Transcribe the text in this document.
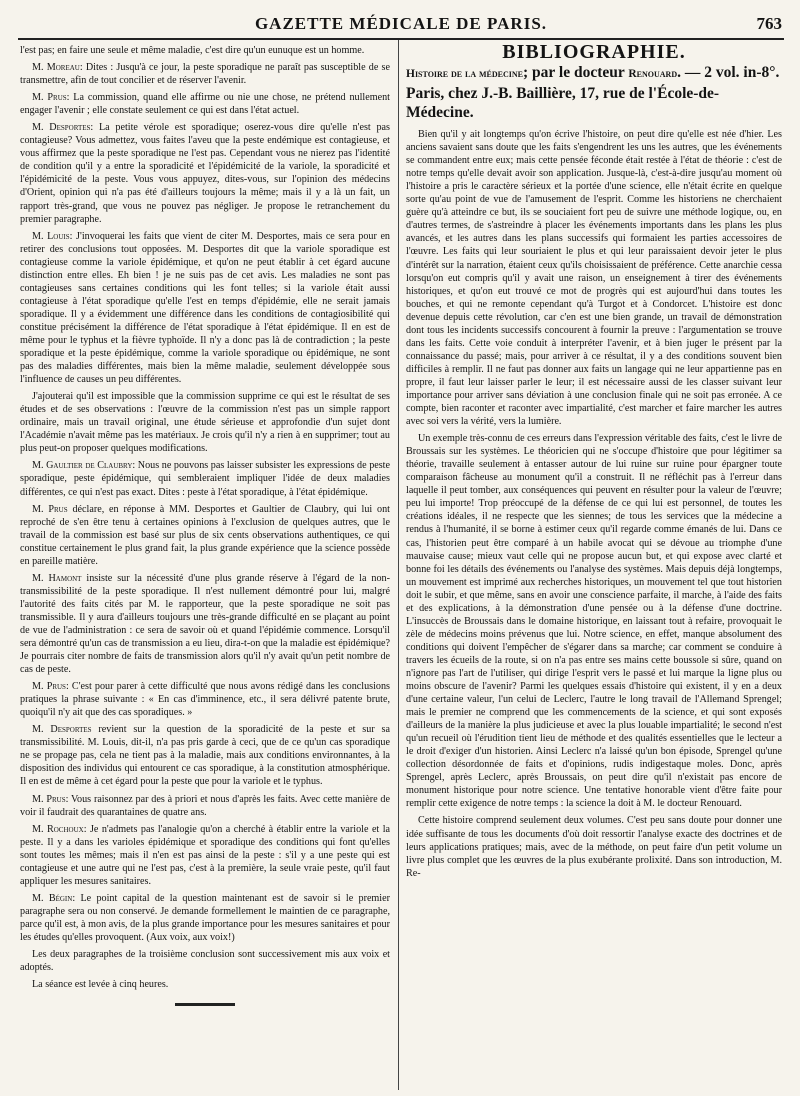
GAZETTE MÉDICALE DE PARIS.	763

l'est pas; en faire une seule et même maladie, c'est dire qu'un eunuque est un homme.

M. Moreau: Dites : Jusqu'à ce jour, la peste sporadique ne paraît pas susceptible de se transmettre, afin de tout concilier et de réserver l'avenir.

M. Prus: La commission, quand elle affirme ou nie une chose, ne prétend nullement engager l'avenir ; elle constate seulement ce qui est dans l'état actuel.

M. Desportes: La petite vérole est sporadique; oserez-vous dire qu'elle n'est pas contagieuse? Vous admettez, vous faites l'aveu que la peste endémique est contagieuse, et vous affirmez que la peste sporadique ne l'est pas. Cependant vous ne nierez pas l'identité de condition qu'il y a entre la sporadicité et l'épidémicité de la variole, la sporadicité et l'épidémicité de la peste. Vous vous appuyez, dites-vous, sur l'opinion des médecins d'Orient, opinion qui n'a pas été d'ailleurs toujours la même; mais il y a là un fait, un rapport très-grand, que vous ne pouvez pas négliger. Je propose le retranchement du premier paragraphe.

M. Louis: J'invoquerai les faits que vient de citer M. Desportes, mais ce sera pour en retirer des conclusions tout opposées. M. Desportes dit que la variole sporadique est contagieuse comme la variole épidémique, et qu'on ne peut établir à cet égard aucune distinction entre elles. Eh bien ! je ne suis pas de cet avis. Les maladies ne sont pas contagieuses sans certaines conditions qui les font telles; si la variole était aussi contagieuse à l'état sporadique qu'elle l'est en temps d'épidémie, elle ne serait jamais sporadique. Il y a évidemment une différence dans les conditions de contagiosibilité qui constitue précisément la différence de l'état sporadique à l'état épidémique. Il en est de même pour le typhus et la fièvre typhoïde. Il n'y a donc pas là de contradiction ; la peste sporadique et la peste épidémique, comme la variole sporadique ou épidémique, ne sont pas des maladies différentes, mais bien la même maladie, seulement développée sous l'influence de causes un peu différentes.

J'ajouterai qu'il est impossible que la commission supprime ce qui est le résultat de ses études et de ses observations : l'œuvre de la commission n'est pas un simple rapport ordinaire, mais un travail original, une étude sérieuse et approfondie d'un sujet dont l'Académie n'avait même pas les matériaux. Je crois qu'il n'y a rien à en supprimer; tout au plus peut-on proposer quelques modifications.

M. Gaultier de Claubry: Nous ne pouvons pas laisser subsister les expressions de peste sporadique, peste épidémique, qui sembleraient impliquer l'idée de deux maladies différentes, ce qui n'est pas exact. Dites : peste à l'état sporadique, à l'état épidémique.

M. Prus déclare, en réponse à MM. Desportes et Gaultier de Claubry, qui lui ont reproché de s'en être tenu à certaines opinions à l'exclusion de quelques autres, que le travail de la commission est basé sur plus de six cents observations authentiques, ce qui constitue certainement le plus grand fait, la plus grande expérience que la science possède en pareille matière.

M. Hamont insiste sur la nécessité d'une plus grande réserve à l'égard de la non-transmissibilité de la peste sporadique. Il n'est nullement démontré pour lui, malgré l'autorité des faits cités par M. le rapporteur, que la peste sporadique ne soit pas transmissible. Il y aura d'ailleurs toujours une très-grande difficulté en se plaçant au point de vue de l'administration : ce sera de savoir où et quand l'épidémie commence. Lorsqu'il sera démontré qu'un cas de transmission a eu lieu, dira-t-on que la maladie est épidémique? Je pourrais citer nombre de faits de transmission alors qu'il n'y avait qu'un petit nombre de cas de peste.

M. Prus: C'est pour parer à cette difficulté que nous avons rédigé dans les conclusions pratiques la phrase suivante : « En cas d'imminence, etc., il sera délivré patente brute, quoiqu'il n'y ait que des cas sporadiques. »

M. Desportes revient sur la question de la sporadicité de la peste et sur sa transmissibilité. M. Louis, dit-il, n'a pas pris garde à ceci, que de ce qu'un cas sporadique ne se propage pas, cela ne tient pas à la maladie, mais aux conditions environnantes, à la disposition des individus qui entourent ce cas sporadique, à la constitution atmosphérique. Il en est de même à cet égard pour la peste que pour la variole et le typhus.

M. Prus: Vous raisonnez par des à priori et nous d'après les faits. Avec cette manière de voir il faudrait des quarantaines de quatre ans.

M. Rochoux: Je n'admets pas l'analogie qu'on a cherché à établir entre la variole et la peste. Il y a dans les varioles épidémique et sporadique des conditions qui font qu'elles sont toutes les mêmes; mais il n'en est pas ainsi de la peste : s'il y a une peste qui est contagieuse et une autre qui ne l'est pas, c'est à la première, la seule vraie peste, qu'il faut appliquer les mesures sanitaires.

M. Bégin: Le point capital de la question maintenant est de savoir si le premier paragraphe sera ou non conservé. Je demande formellement le maintien de ce paragraphe, parce qu'il est, à mon avis, de la plus grande importance pour les mesures sanitaires et pour les études qu'elles provoquent. (Aux voix, aux voix!)

Les deux paragraphes de la troisième conclusion sont successivement mis aux voix et adoptés.

La séance est levée à cinq heures.

BIBLIOGRAPHIE.
Histoire de la médecine; par le docteur Renouard. — 2 vol. in-8°. Paris, chez J.-B. Baillière, 17, rue de l'École-de-Médecine.

Bien qu'il y ait longtemps qu'on écrive l'histoire, on peut dire qu'elle est née d'hier. Les anciens savaient sans doute que les faits s'engendrent les uns les autres, que les événements se commandent entre eux; mais cette pensée féconde était restée à l'état de théorie : c'est de notre temps qu'elle devait avoir son application. Jusque-là, c'est-à-dire jusqu'au moment où l'histoire a pris le caractère sérieux et la portée d'une science, elle n'était écrite en quelque sorte qu'au point de vue de l'amusement de l'esprit. Comme les historiens ne cherchaient guère qu'à atteindre ce but, ils se souciaient fort peu de suivre une méthode logique, ou, en d'autres termes, de s'astreindre à placer les événements importants dans les plans les plus avancés, et les autres dans les plans successifs qui formaient les parties accessoires de l'œuvre. Les faits qui leur souriaient le plus et qui leur paraissaient devoir jeter le plus d'intérêt sur la narration, étaient ceux qu'ils choisissaient de préférence. Cette anarchie cessa lorsqu'on eut compris qu'il y avait une raison, un enseignement à tirer des événements historiques, et qu'on eut trouvé ce mot de progrès qui est aujourd'hui dans toutes les bouches, et qui ne remonte cependant qu'à Turgot et à Condorcet. L'histoire est donc devenue depuis cette révolution, car c'en est une bien grande, un travail de démonstration dont tous les incidents successifs concourent à fournir la preuve : l'argumentation se trouve dans les faits. Cette voie conduit à interpréter l'avenir, et à bien juger le présent par la connaissance du passé; mais, pour arriver à ce résultat, il y a des conditions souvent bien difficiles à remplir. Il ne faut pas donner aux faits un langage qui ne leur appartienne pas en propre, il faut leur laisser parler le leur; il est nécessaire aussi de les classer suivant leur importance pour arriver sans déviation à une conclusion finale qui ne soit pas erronée. A ce compte, bien raconter et raconter avec impartialité, c'est marcher et faire marcher les autres avec soi vers la vérité, vers la lumière.

Un exemple très-connu de ces erreurs dans l'expression véritable des faits, c'est le livre de Broussais sur les systèmes. Le théoricien qui ne s'occupe d'histoire que pour légitimer sa théorie, travaille seulement à entasser autour de lui ruine sur ruine pour épargner toute comparaison fâcheuse au monument qu'il a construit. Il ne réfléchit pas à l'erreur dans laquelle il peut tomber, aux conséquences qui peuvent en résulter pour la valeur de l'œuvre; peu lui importe! Trop préoccupé de la défense de ce qui lui est personnel, de toutes les créations idéales, il ne respecte que les siennes; de tous les services que la médecine a rendus à l'humanité, il se borne à estimer ceux qu'il regarde comme émanés de lui. Dans ce cas, l'historien peut être comparé à un habile avocat qui se dévoue au triomphe d'une mauvaise cause; mieux vaut celle qui ne propose aucun but, et qui expose avec clarté et bonne foi les détails des événements ou l'analyse des systèmes. Mais depuis déjà longtemps, un mouvement est imprimé aux recherches historiques, un mouvement tel que tout historien doit le subir, et que même, sans en avoir une conscience parfaite, il marche, à l'aide des faits et des explications, à la démonstration d'une pensée ou à la défense d'une doctrine. L'insuccès de Broussais dans le domaine historique, en laissant tout à refaire, provoquait le zèle de médecins moins prévenus que lui. Notre science, en effet, manque absolument des conditions qui doivent l'empêcher de s'égarer dans sa marche; car comment se conduire à travers les écueils de la route, si on n'a pas entre ses mains cette boussole si sûre, quand on n'ignore pas l'art de l'utiliser, qui dirige l'esprit vers le passé et lui marque la ligne plus ou moins obscure de l'avenir? Parmi les quelques essais d'histoire qui existent, il y en a deux d'une certaine valeur, l'un celui de Leclerc, l'autre le long travail de l'Allemand Sprengel; mais le premier ne comprend que les commencements de la science, et qui sont exposés d'ailleurs de la manière la plus judicieuse et avec la plus louable impartialité; le second n'est qu'un recueil où l'érudition tient lieu de méthode et des qualités essentielles que le lecteur a le droit d'exiger d'un historien. Ainsi Leclerc n'a laissé qu'un bon épisode, Sprengel qu'une collection désordonnée de faits et d'opinions, rudis indigestaque moles. Donc, après Sprengel, après Leclerc, après Broussais, on peut dire qu'il n'existait pas encore de monument historique pour notre science. Une tentative honorable vient d'être faite pour remplir cette exigence de notre temps : la science la doit à M. le docteur Renouard.

Cette histoire comprend seulement deux volumes. C'est peu sans doute pour donner une idée suffisante de tous les documents d'où doit ressortir l'analyse exacte des doctrines et de leurs applications pratiques; mais, avec de la méthode, on peut faire d'un petit volume un livre plus complet que les œuvres de la plus exubérante prolixité. Dans son introduction, M. Re-
